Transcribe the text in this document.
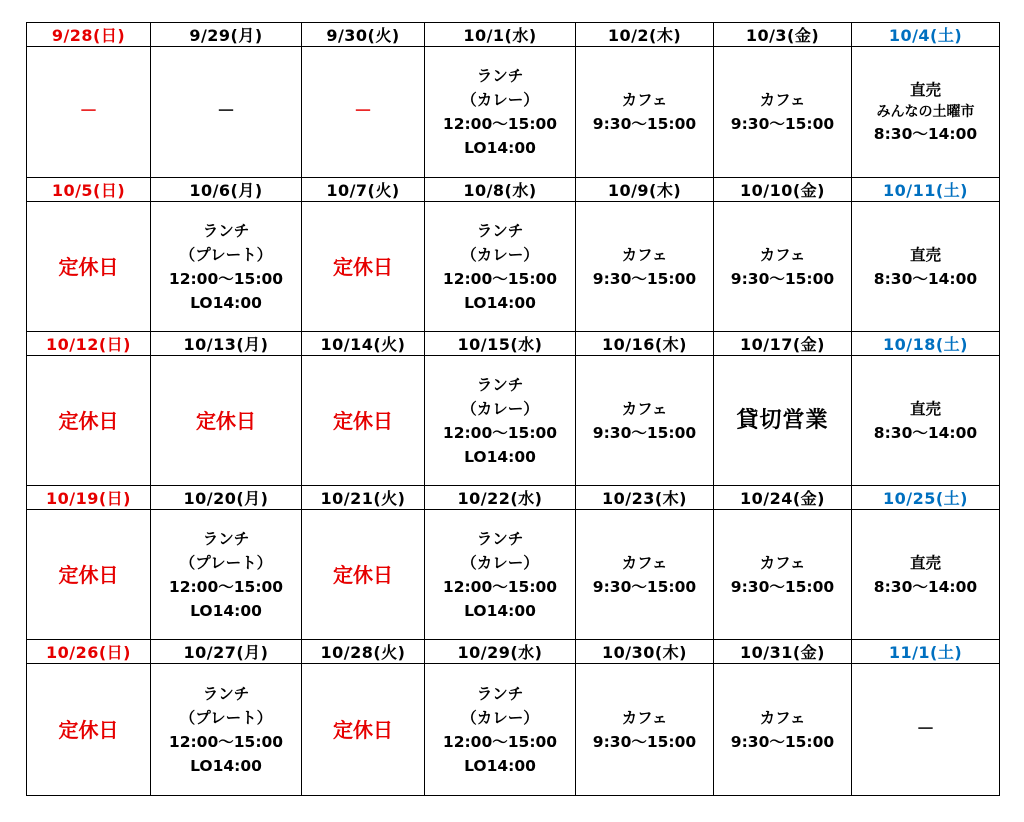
9/28(日)	9/29(月)	9/30(火)	10/1(水)	10/2(木)	10/3(金)	10/4(土)

－	－	－	ランチ
（カレー）
12:00～15:00
LO14:00	カフェ
9:30～15:00	カフェ
9:30～15:00	直売
みんなの土曜市
8:30～14:00

10/5(日)	10/6(月)	10/7(火)	10/8(水)	10/9(木)	10/10(金)	10/11(土)

定休日	ランチ
（プレート）
12:00～15:00
LO14:00	定休日	ランチ
（カレー）
12:00～15:00
LO14:00	カフェ
9:30～15:00	カフェ
9:30～15:00	直売
8:30～14:00

10/12(日)	10/13(月)	10/14(火)	10/15(水)	10/16(木)	10/17(金)	10/18(土)

定休日	定休日	定休日	ランチ
（カレー）
12:00～15:00
LO14:00	カフェ
9:30～15:00	貸切営業	直売
8:30～14:00

10/19(日)	10/20(月)	10/21(火)	10/22(水)	10/23(木)	10/24(金)	10/25(土)

定休日	ランチ
（プレート）
12:00～15:00
LO14:00	定休日	ランチ
（カレー）
12:00～15:00
LO14:00	カフェ
9:30～15:00	カフェ
9:30～15:00	直売
8:30～14:00

10/26(日)	10/27(月)	10/28(火)	10/29(水)	10/30(木)	10/31(金)	11/1(土)

定休日	ランチ
（プレート）
12:00～15:00
LO14:00	定休日	ランチ
（カレー）
12:00～15:00
LO14:00	カフェ
9:30～15:00	カフェ
9:30～15:00	－
